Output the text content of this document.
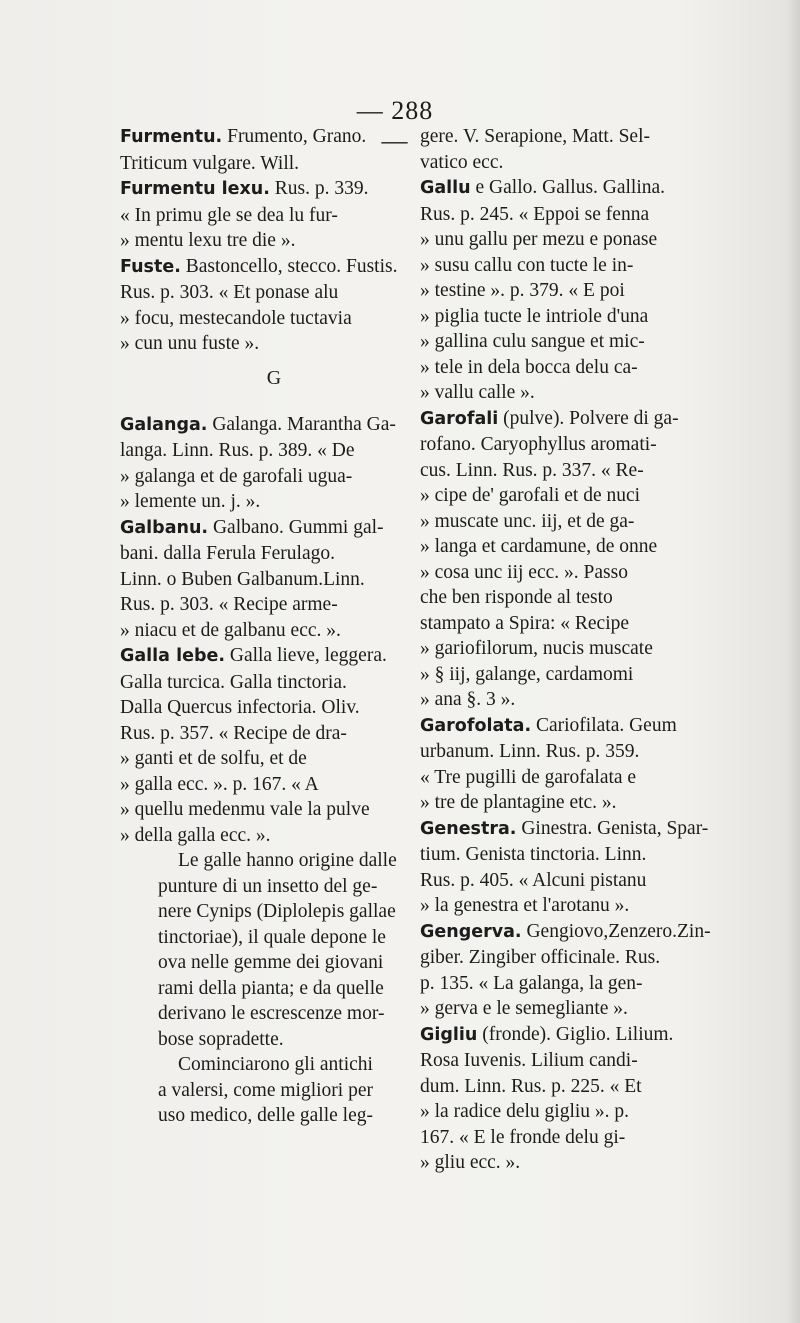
— 288 —

Furmentu. Frumento, Grano.
Triticum vulgare. Will.

Furmentu lexu. Rus. p. 339.
« In primu gle se dea lu fur-
» mentu lexu tre die ».

Fuste. Bastoncello, stecco. Fustis.
Rus. p. 303. « Et ponase alu
» focu, mestecandole tuctavia
» cun unu fuste ».

G

Galanga. Galanga. Marantha Ga-
langa. Linn. Rus. p. 389. « De
» galanga et de garofali ugua-
» lemente un. j. ».

Galbanu. Galbano. Gummi gal-
bani. dalla Ferula Ferulago.
Linn. o Buben Galbanum.Linn.
Rus. p. 303. « Recipe arme-
» niacu et de galbanu ecc. ».

Galla lebe. Galla lieve, leggera.
Galla turcica. Galla tinctoria.
Dalla Quercus infectoria. Oliv.
Rus. p. 357. « Recipe de dra-
» ganti et de solfu, et de
» galla ecc. ». p. 167. « A
» quellu medenmu vale la pulve
» della galla ecc. ».

Le galle hanno origine dalle
punture di un insetto del ge-
nere Cynips (Diplolepis gallae
tinctoriae), il quale depone le
ova nelle gemme dei giovani
rami della pianta; e da quelle
derivano le escrescenze mor-
bose sopradette.

Cominciarono gli antichi
a valersi, come migliori per
uso medico, delle galle leg-

gere. V. Serapione, Matt. Sel-
vatico ecc.

Gallu e Gallo. Gallus. Gallina.
Rus. p. 245. « Eppoi se fenna
» unu gallu per mezu e ponase
» susu callu con tucte le in-
» testine ». p. 379. « E poi
» piglia tucte le intriole d'una
» gallina culu sangue et mic-
» tele in dela bocca delu ca-
» vallu calle ».

Garofali (pulve). Polvere di ga-
rofano. Caryophyllus aromati-
cus. Linn. Rus. p. 337. « Re-
» cipe de' garofali et de nuci
» muscate unc. iij, et de ga-
» langa et cardamune, de onne
» cosa unc iij ecc. ». Passo
che ben risponde al testo
stampato a Spira: « Recipe
» gariofilorum, nucis muscate
» § iij, galange, cardamomi
» ana §. 3 ».

Garofolata. Cariofilata. Geum
urbanum. Linn. Rus. p. 359.
« Tre pugilli de garofalata e
» tre de plantagine etc. ».

Genestra. Ginestra. Genista, Spar-
tium. Genista tinctoria. Linn.
Rus. p. 405. « Alcuni pistanu
» la genestra et l'arotanu ».

Gengerva. Gengiovo,Zenzero.Zin-
giber. Zingiber officinale. Rus.
p. 135. « La galanga, la gen-
» gerva e le semegliante ».

Gigliu (fronde). Giglio. Lilium.
Rosa Iuvenis. Lilium candi-
dum. Linn. Rus. p. 225. « Et
» la radice delu gigliu ». p.
167. « E le fronde delu gi-
» gliu ecc. ».
